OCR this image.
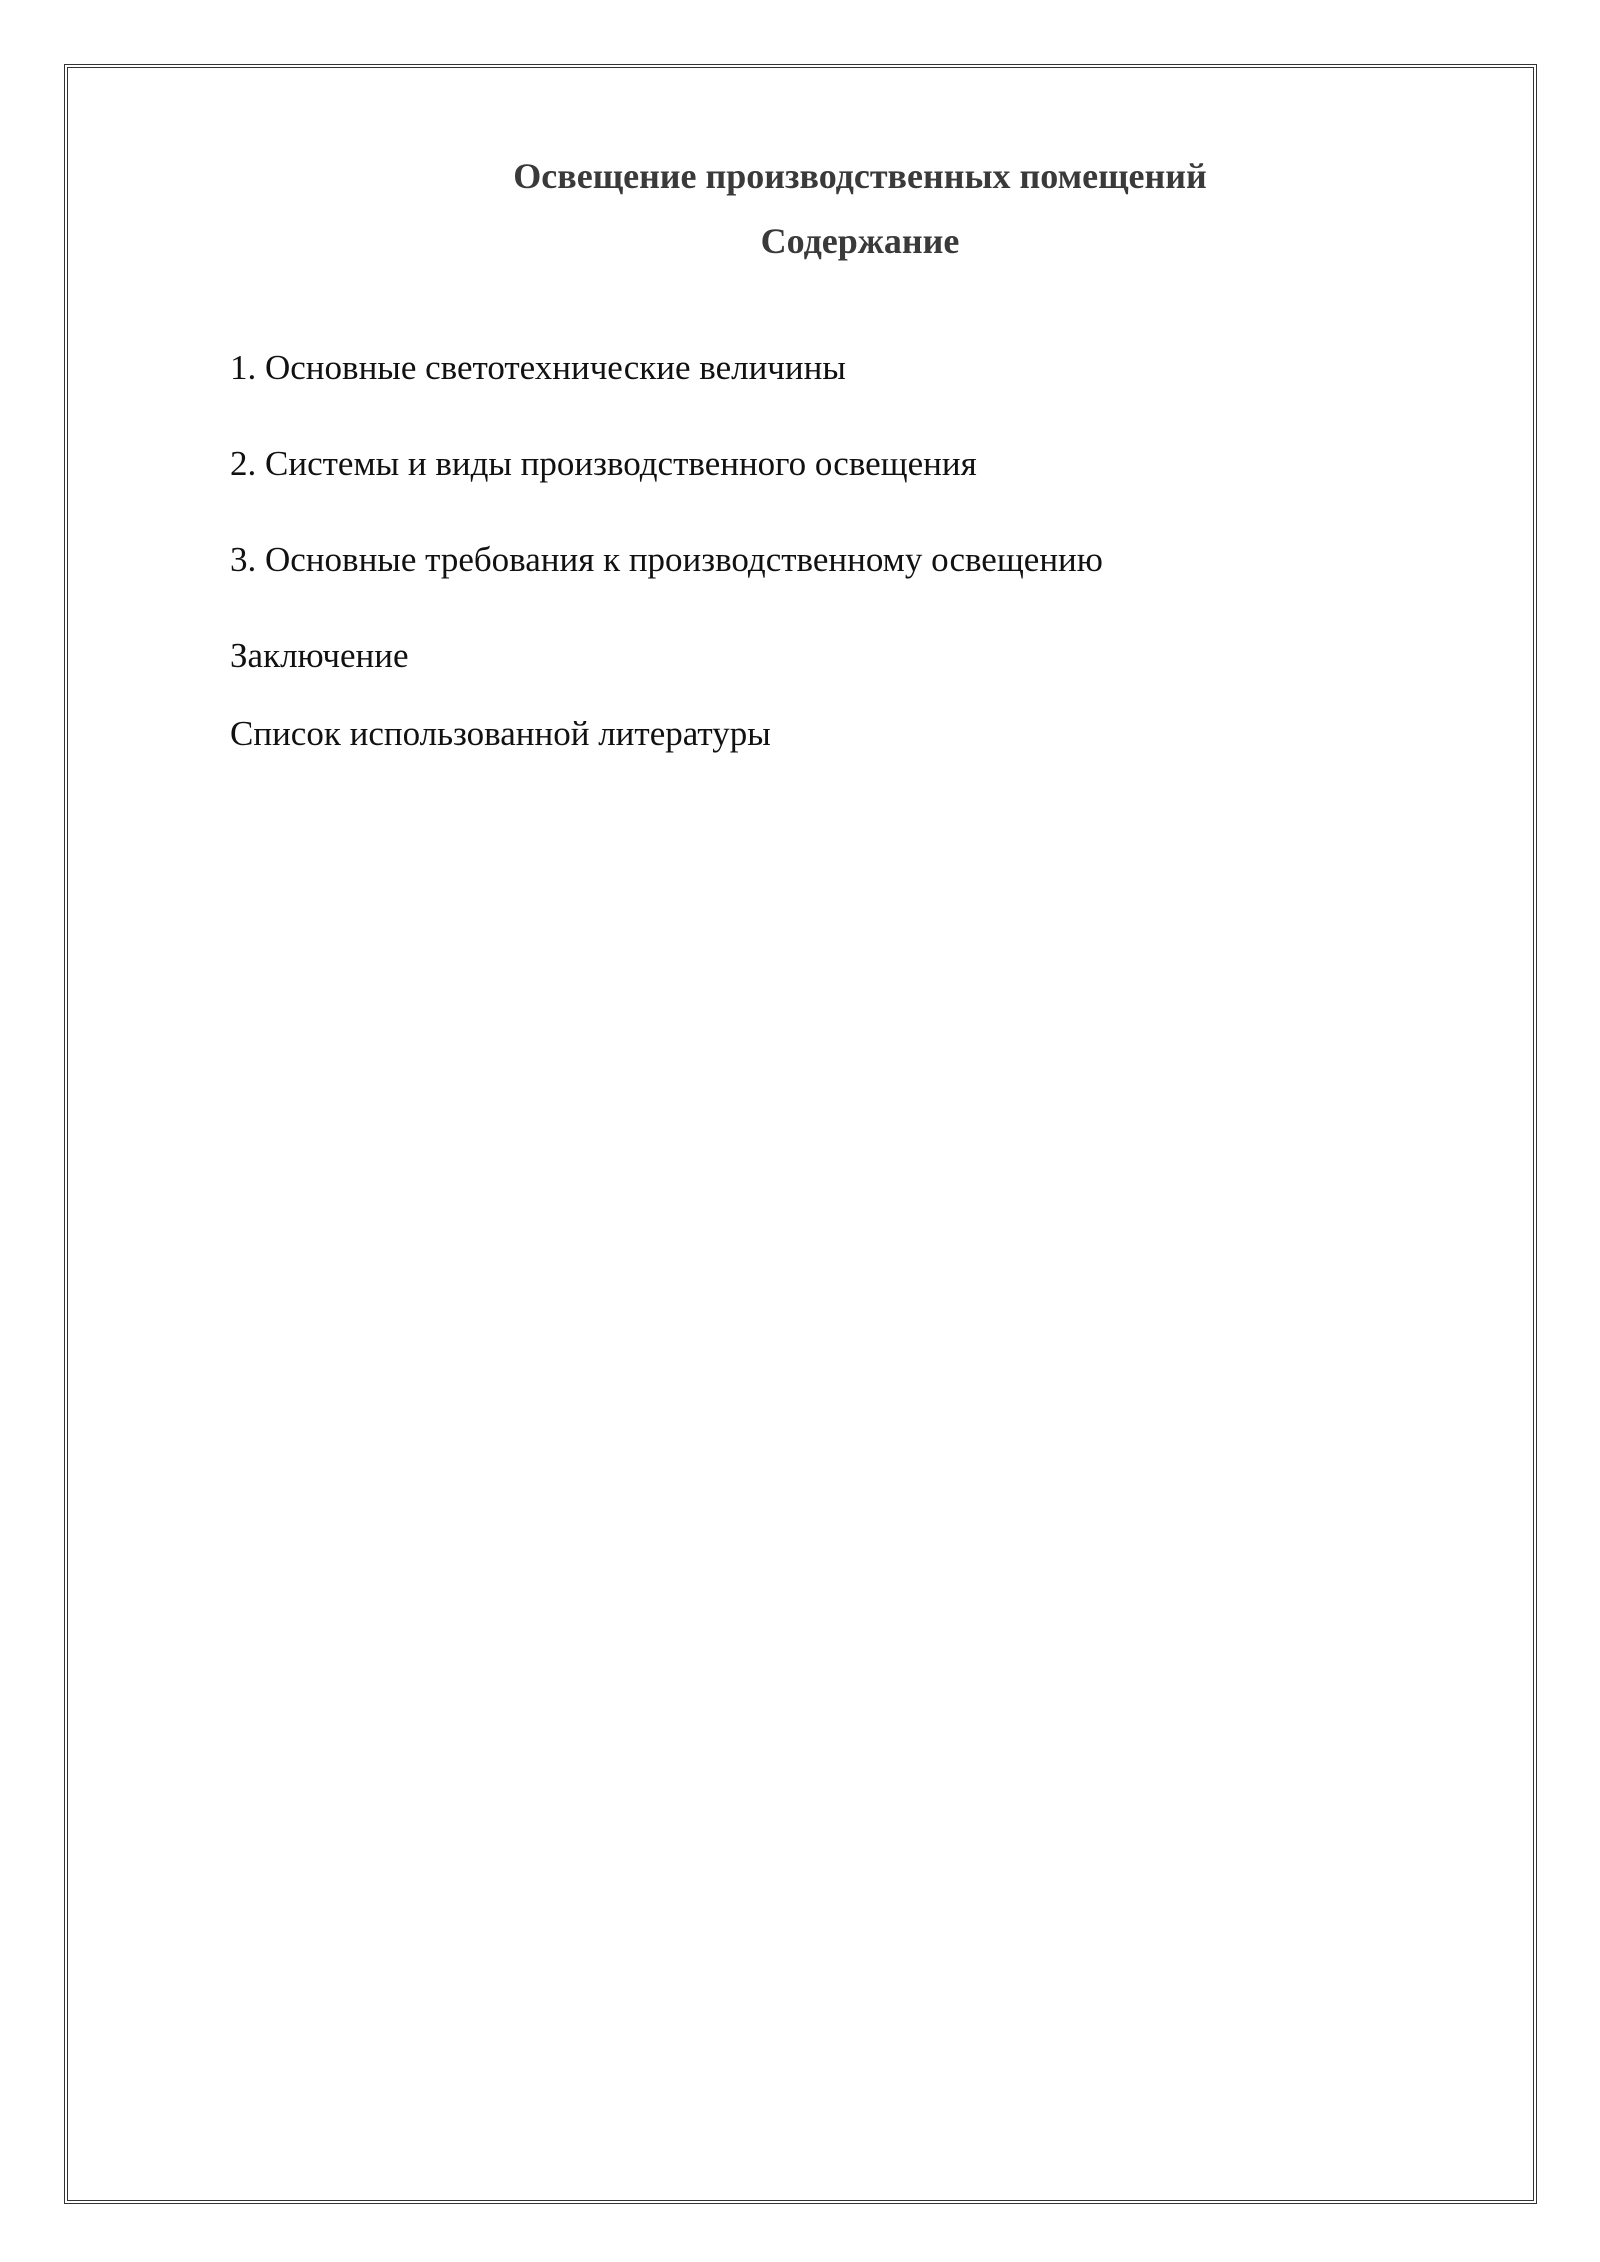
Освещение производственных помещений
Содержание
1. Основные светотехнические величины
2. Системы и виды производственного освещения
3. Основные требования к производственному освещению
Заключение
Список использованной литературы
